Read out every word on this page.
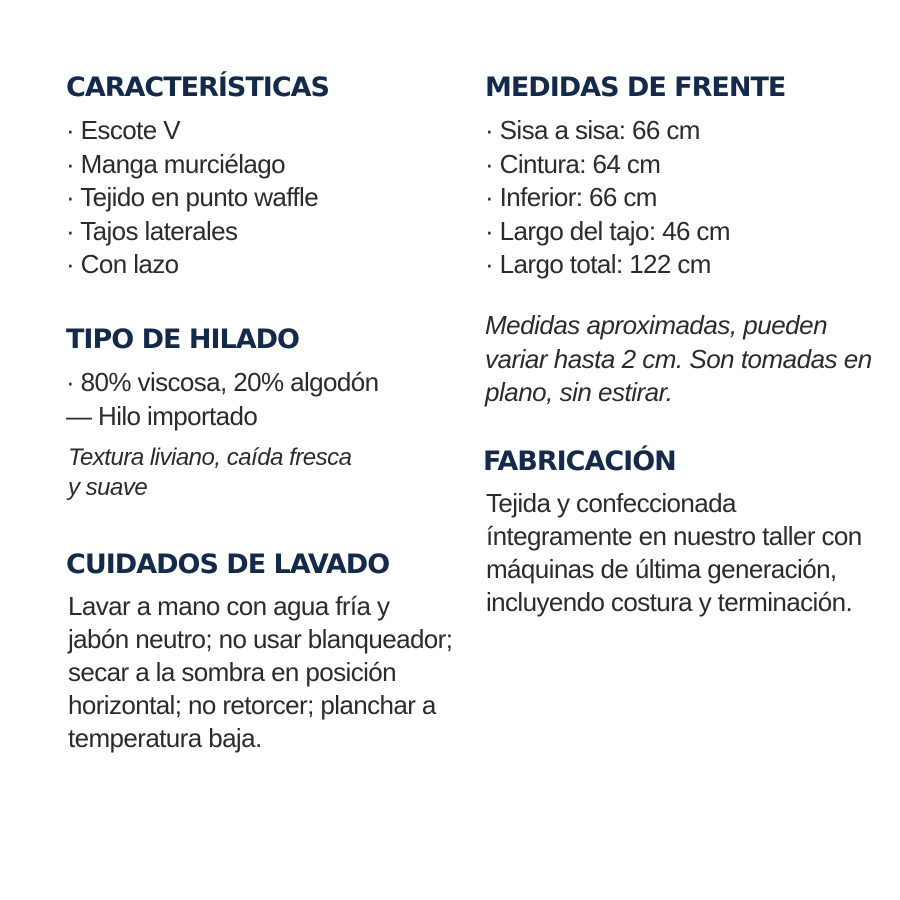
CARACTERÍSTICAS
· Escote V
· Manga murciélago
· Tejido en punto waffle
· Tajos laterales
· Con lazo
TIPO DE HILADO
· 80% viscosa, 20% algodón
— Hilo importado

Textura liviano, caída fresca
y suave

CUIDADOS DE LAVADO

Lavar a mano con agua fría y jabón neutro; no usar blanqueador; secar a la sombra en posición horizontal; no retorcer; planchar a temperatura baja.

MEDIDAS DE FRENTE
· Sisa a sisa: 66 cm
· Cintura: 64 cm
· Inferior: 66 cm
· Largo del tajo: 46 cm
· Largo total: 122 cm

Medidas aproximadas, pueden variar hasta 2 cm. Son tomadas en plano, sin estirar.

FABRICACIÓN

Tejida y confeccionada íntegramente en nuestro taller con máquinas de última generación, incluyendo costura y terminación.
